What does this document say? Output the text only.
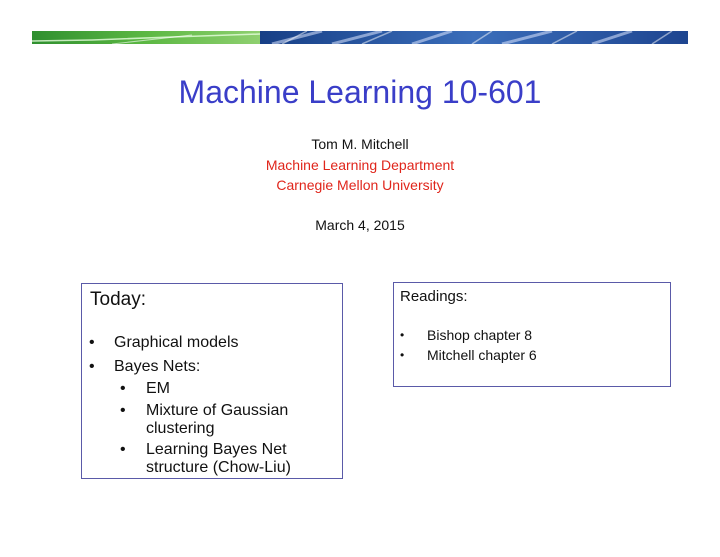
Machine Learning 10-601
Tom M. Mitchell
Machine Learning Department
Carnegie Mellon University
March 4, 2015
Today:
• Graphical models
• Bayes Nets:
• EM
• Mixture of Gaussian
clustering
• Learning Bayes Net
structure (Chow-Liu)
Readings:
• Bishop chapter 8
• Mitchell chapter 6
